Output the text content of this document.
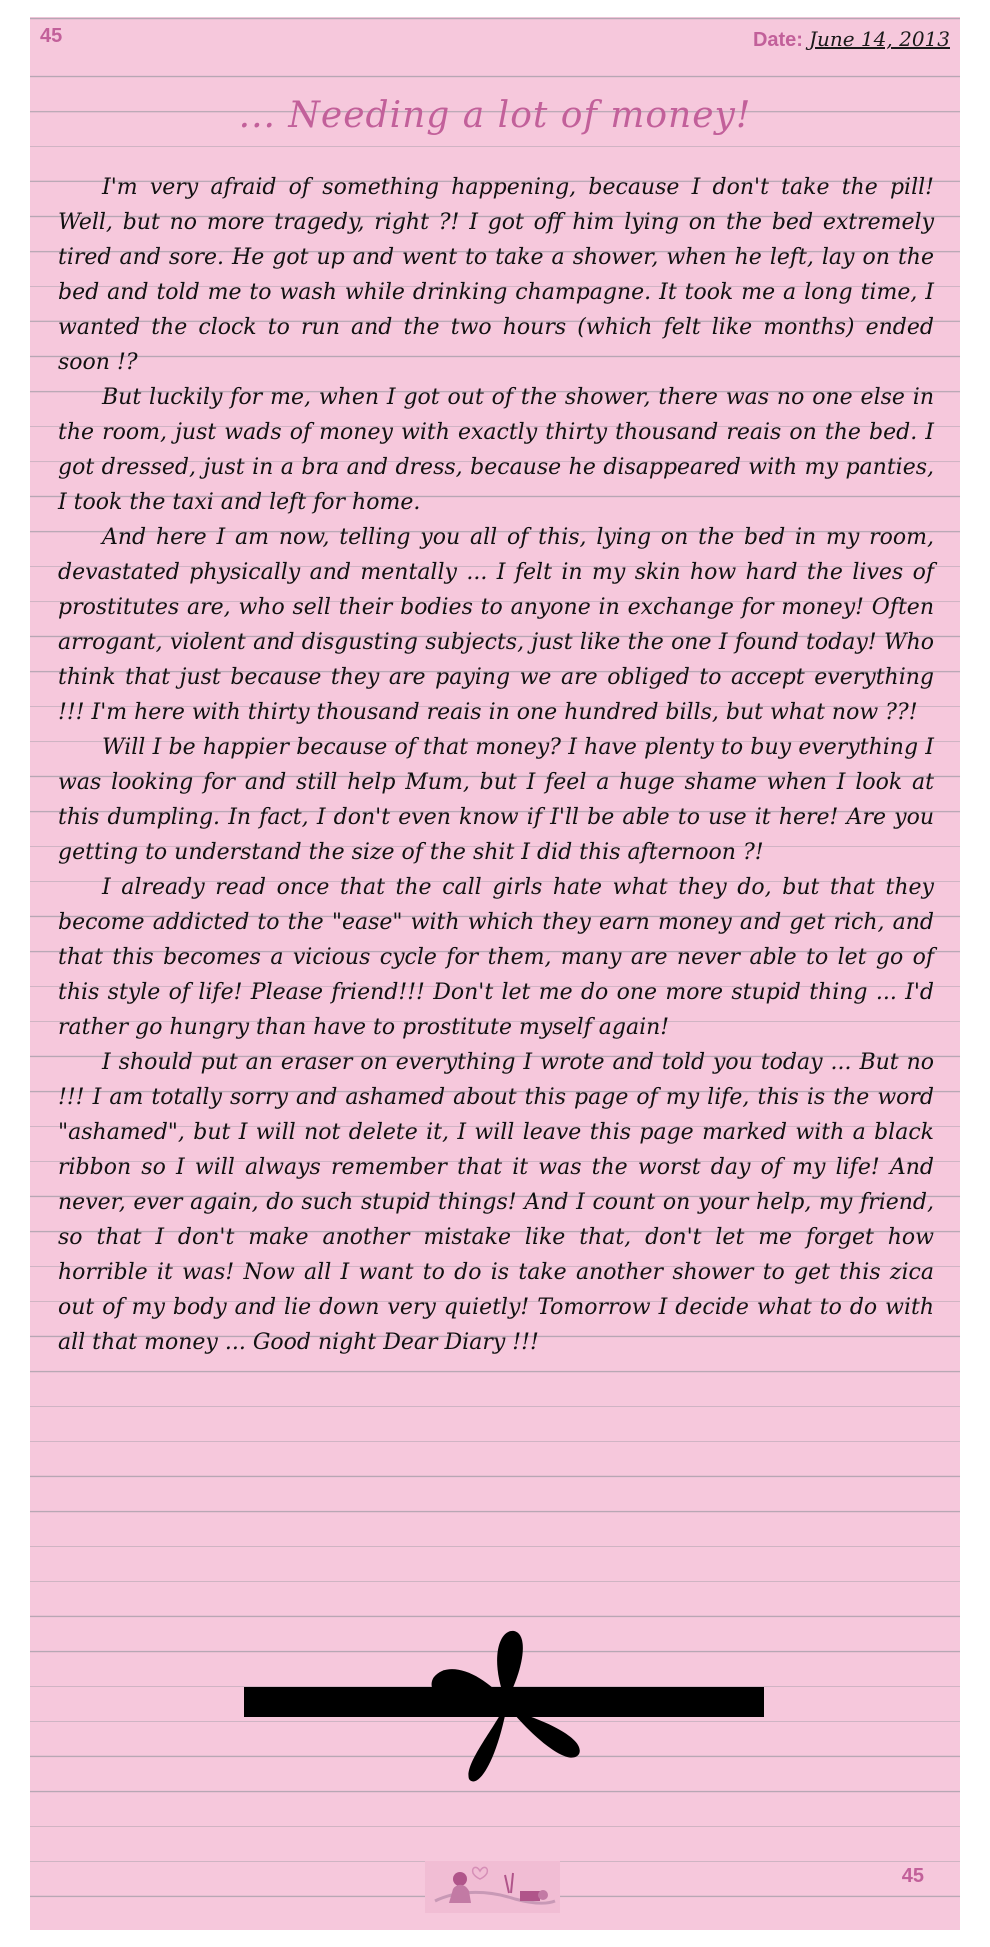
45	Date: June 14, 2013
... Needing a lot of money!

I'm very afraid of something happening, because I don't take the pill! Well, but no more tragedy, right ?! I got off him lying on the bed extremely tired and sore. He got up and went to take a shower, when he left, lay on the bed and told me to wash while drinking champagne. It took me a long time, I wanted the clock to run and the two hours (which felt like months) ended soon !?

But luckily for me, when I got out of the shower, there was no one else in the room, just wads of money with exactly thirty thousand reais on the bed. I got dressed, just in a bra and dress, because he disappeared with my panties, I took the taxi and left for home.

And here I am now, telling you all of this, lying on the bed in my room, devastated physically and mentally ... I felt in my skin how hard the lives of prostitutes are, who sell their bodies to anyone in exchange for money! Often arrogant, violent and disgusting subjects, just like the one I found today! Who think that just because they are paying we are obliged to accept everything !!! I'm here with thirty thousand reais in one hundred bills, but what now ??!

Will I be happier because of that money? I have plenty to buy everything I was looking for and still help Mum, but I feel a huge shame when I look at this dumpling. In fact, I don't even know if I'll be able to use it here! Are you getting to understand the size of the shit I did this afternoon ?!

I already read once that the call girls hate what they do, but that they become addicted to the "ease" with which they earn money and get rich, and that this becomes a vicious cycle for them, many are never able to let go of this style of life! Please friend!!! Don't let me do one more stupid thing ... I'd rather go hungry than have to prostitute myself again!

I should put an eraser on everything I wrote and told you today ... But no !!! I am totally sorry and ashamed about this page of my life, this is the word "ashamed", but I will not delete it, I will leave this page marked with a black ribbon so I will always remember that it was the worst day of my life! And never, ever again, do such stupid things! And I count on your help, my friend, so that I don't make another mistake like that, don't let me forget how horrible it was! Now all I want to do is take another shower to get this zica out of my body and lie down very quietly! Tomorrow I decide what to do with all that money ... Good night Dear Diary !!!

45
